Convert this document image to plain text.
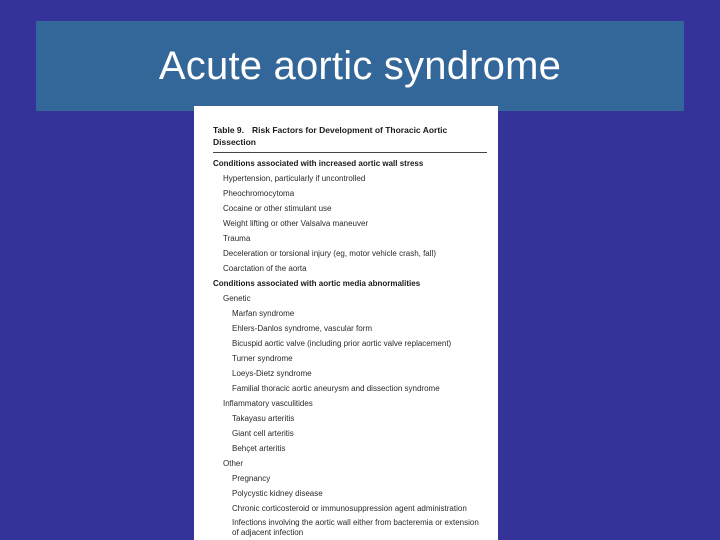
Acute aortic syndrome
Table 9. Risk Factors for Development of Thoracic Aortic Dissection
Conditions associated with increased aortic wall stress
Hypertension, particularly if uncontrolled
Pheochromocytoma
Cocaine or other stimulant use
Weight lifting or other Valsalva maneuver
Trauma
Deceleration or torsional injury (eg, motor vehicle crash, fall)
Coarctation of the aorta
Conditions associated with aortic media abnormalities
Genetic
Marfan syndrome
Ehlers-Danlos syndrome, vascular form
Bicuspid aortic valve (including prior aortic valve replacement)
Turner syndrome
Loeys-Dietz syndrome
Familial thoracic aortic aneurysm and dissection syndrome
Inflammatory vasculitides
Takayasu arteritis
Giant cell arteritis
Behçet arteritis
Other
Pregnancy
Polycystic kidney disease
Chronic corticosteroid or immunosuppression agent administration
Infections involving the aortic wall either from bacteremia or extension of adjacent infection
